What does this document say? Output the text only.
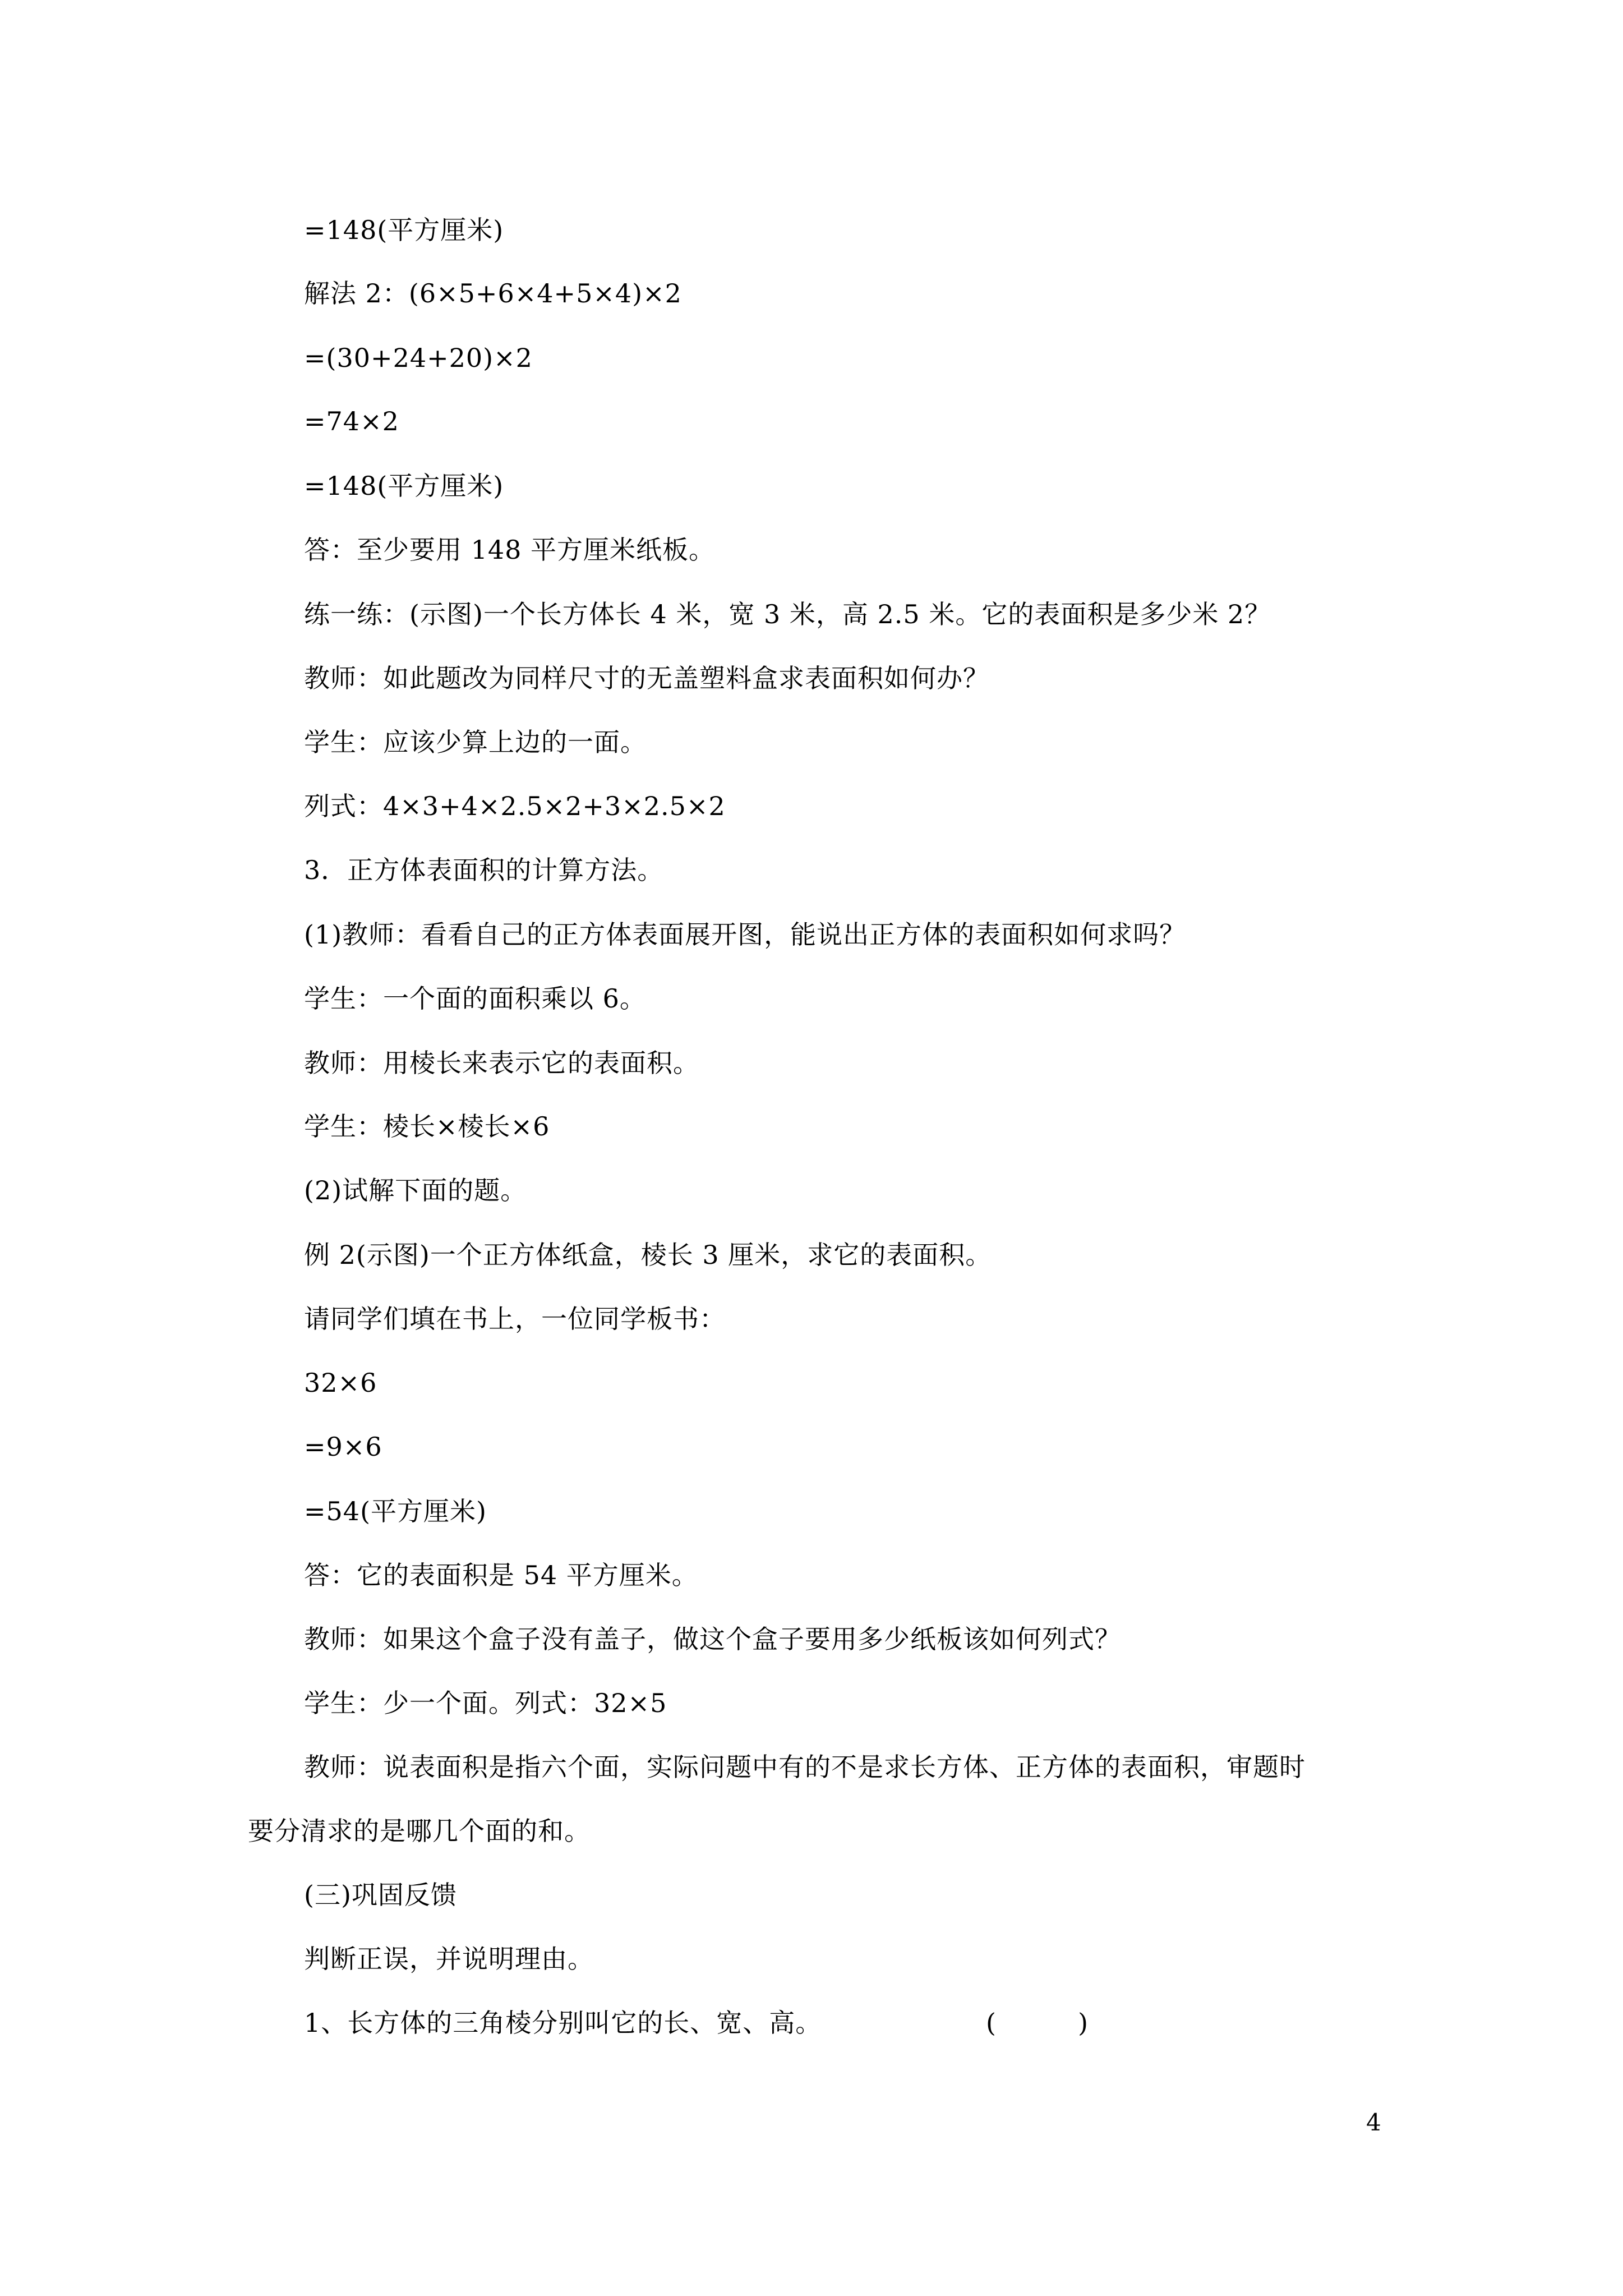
=148(平方厘米)
解法 2：(6×5+6×4+5×4)×2
=(30+24+20)×2
=74×2
=148(平方厘米)
答：至少要用 148 平方厘米纸板。
练一练：(示图)一个长方体长 4 米，宽 3 米，高 2.5 米。它的表面积是多少米 2？
教师：如此题改为同样尺寸的无盖塑料盒求表面积如何办？
学生：应该少算上边的一面。
列式：4×3+4×2.5×2+3×2.5×2
3．正方体表面积的计算方法。
(1)教师：看看自己的正方体表面展开图，能说出正方体的表面积如何求吗？
学生：一个面的面积乘以 6。
教师：用棱长来表示它的表面积。
学生：棱长×棱长×6
(2)试解下面的题。
例 2(示图)一个正方体纸盒，棱长 3 厘米，求它的表面积。
请同学们填在书上，一位同学板书：
32×6
=9×6
=54(平方厘米)
答：它的表面积是 54 平方厘米。
教师：如果这个盒子没有盖子，做这个盒子要用多少纸板该如何列式？
学生：少一个面。列式：32×5
教师：说表面积是指六个面，实际问题中有的不是求长方体、正方体的表面积，审题时
要分清求的是哪几个面的和。
(三)巩固反馈
判断正误，并说明理由。
1、长方体的三角棱分别叫它的长、宽、高。	(          )
4
